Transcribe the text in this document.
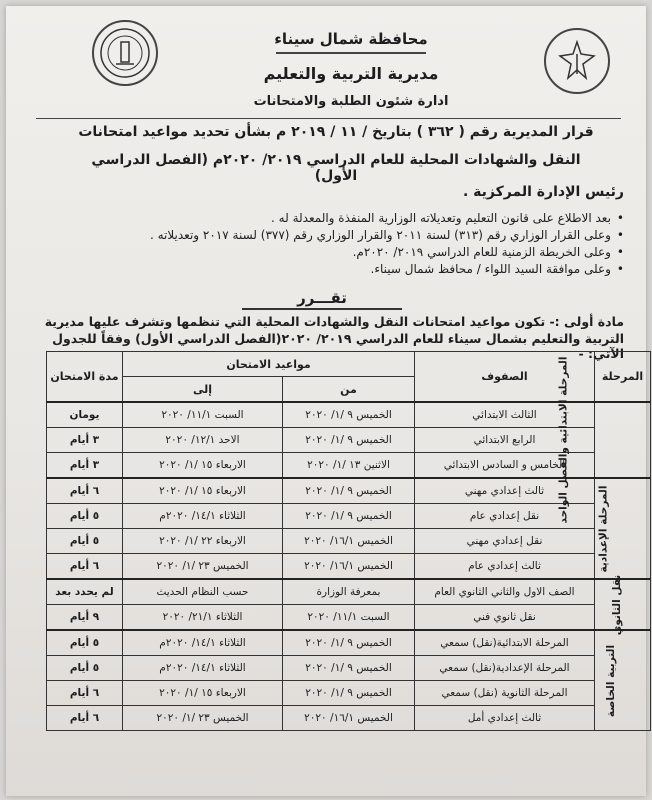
محافظة شمال سيناء
مديرية التربية والتعليم
ادارة شئون الطلبة والامتحانات
قرار المديرية رقم ( ٣٦٢ ) بتاريخ / ١١ / ٢٠١٩ م بشأن تحديد مواعيد امتحانات
النقل والشهادات المحلية للعام الدراسي ٢٠١٩/ ٢٠٢٠م (الفصل الدراسي الأول)
رئيس الإدارة المركزية .
•بعد الاطلاع على قانون التعليم وتعديلاته الوزارية المنفذة والمعدلة له .
•وعلى القرار الوزاري رقم (٣١٣) لسنة ٢٠١١ والقرار الوزاري رقم (٣٧٧) لسنة ٢٠١٧ وتعديلاته .
•وعلى الخريطة الزمنية للعام الدراسي ٢٠١٩/ ٢٠٢٠م.
•وعلى موافقة السيد اللواء / محافظ شمال سيناء.
تقـــرر
مادة أولى :- تكون مواعيد امتحانات النقل والشهادات المحلية التي تنظمها وتشرف عليها مديرية
التربية والتعليم بشمال سيناء للعام الدراسي ٢٠١٩/ ٢٠٢٠(الفصل الدراسي الأول) وفقاً للجدول الآتي: -
المرحلة	الصفوف	مواعيد الامتحان		مدة الامتحان
		من	إلى	
المرحلة الابتدائية والفصل الواحد	الثالث الابتدائي	الخميس ٩ /١/ ٢٠٢٠	السبت ١١/١/ ٢٠٢٠	يومان
	الرابع الابتدائي	الخميس ٩ /١/ ٢٠٢٠	الاحد ١٢/١/ ٢٠٢٠	٣ أيام
	الخامس و السادس الابتدائي	الاثنين ١٣ /١/ ٢٠٢٠	الاربعاء ١٥ /١/ ٢٠٢٠	٣ أيام
المرحلة الإعدادية	ثالث إعدادي مهني	الخميس ٩ /١/ ٢٠٢٠	الاربعاء ١٥ /١/ ٢٠٢٠	٦ أيام
	نقل إعدادي عام	الخميس ٩ /١/ ٢٠٢٠	الثلاثاء ١٤/١/ ٢٠٢٠م	٥ أيام
	نقل إعدادي مهني	الخميس ١٦/١/ ٢٠٢٠	الاربعاء ٢٢ /١/ ٢٠٢٠	٥ أيام
	ثالث إعدادي عام	الخميس ١٦/١/ ٢٠٢٠	الخميس ٢٣ /١/ ٢٠٢٠	٦ أيام
نقل الثانوي	الصف الاول والثاني الثانوي العام	بمعرفة الوزارة	حسب النظام الحديث	لم يحدد بعد
	نقل ثانوي فني	السبت ١١/١/ ٢٠٢٠	الثلاثاء ٢١/١/ ٢٠٢٠	٩ أيام
التربية الخاصة	المرحلة الابتدائية(نقل) سمعي	الخميس ٩ /١/ ٢٠٢٠	الثلاثاء ١٤/١/ ٢٠٢٠م	٥ أيام
	المرحلة الإعدادية(نقل) سمعي	الخميس ٩ /١/ ٢٠٢٠	الثلاثاء ١٤/١/ ٢٠٢٠م	٥ أيام
	المرحلة الثانوية (نقل) سمعي	الخميس ٩ /١/ ٢٠٢٠	الاربعاء ١٥ /١/ ٢٠٢٠	٦ أيام
	ثالث إعدادي أمل	الخميس ١٦/١/ ٢٠٢٠	الخميس ٢٣ /١/ ٢٠٢٠	٦ أيام
